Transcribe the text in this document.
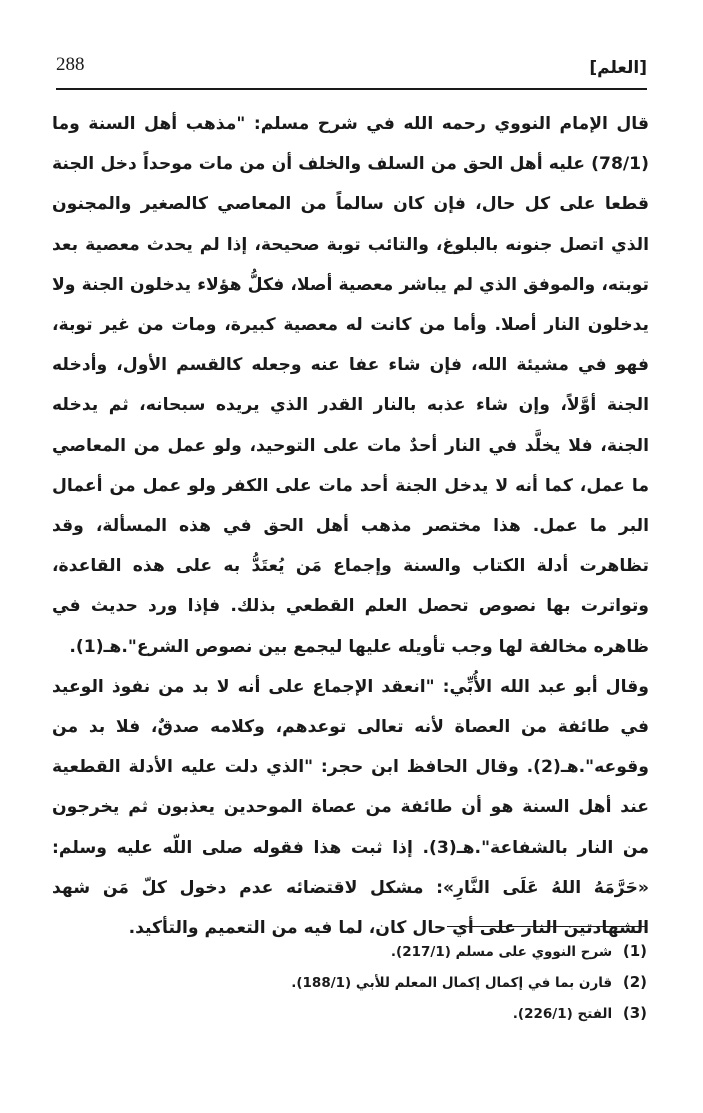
[العلم]
288

قال الإمام النووي رحمه الله في شرح مسلم: "مذهب أهل السنة وما (78/1) عليه أهل الحق من السلف والخلف أن من مات موحداً دخل الجنة قطعا على كل حال، فإن كان سالماً من المعاصي كالصغير والمجنون الذي اتصل جنونه بالبلوغ، والتائب توبة صحيحة، إذا لم يحدث معصية بعد توبته، والموفق الذي لم يباشر معصية أصلا، فكلُّ هؤلاء يدخلون الجنة ولا يدخلون النار أصلا. وأما من كانت له معصية كبيرة، ومات من غير توبة، فهو في مشيئة الله، فإن شاء عفا عنه وجعله كالقسم الأول، وأدخله الجنة أوَّلاً، وإن شاء عذبه بالنار القدر الذي يريده سبحانه، ثم يدخله الجنة، فلا يخلَّد في النار أحدٌ مات على التوحيد، ولو عمل من المعاصي ما عمل، كما أنه لا يدخل الجنة أحد مات على الكفر ولو عمل من أعمال البر ما عمل. هذا مختصر مذهب أهل الحق في هذه المسألة، وقد تظاهرت أدلة الكتاب والسنة وإجماع مَن يُعتَدُّ به على هذه القاعدة، وتواترت بها نصوص تحصل العلم القطعي بذلك. فإذا ورد حديث في ظاهره مخالفة لها وجب تأويله عليها ليجمع بين نصوص الشرع".هـ(1).

وقال أبو عبد الله الأُبِّي: "انعقد الإجماع على أنه لا بد من نفوذ الوعيد في طائفة من العصاة لأنه تعالى توعدهم، وكلامه صدقٌ، فلا بد من وقوعه".هـ(2). وقال الحافظ ابن حجر: "الذي دلت عليه الأدلة القطعية عند أهل السنة هو أن طائفة من عصاة الموحدين يعذبون ثم يخرجون من النار بالشفاعة".هـ(3). إذا ثبت هذا فقوله صلى اللّه عليه وسلم: «حَرَّمَهُ اللهُ عَلَى النَّارِ»: مشكل لاقتضائه عدم دخول كلّ مَن شهد الشهادتين النار على أي حال كان، لما فيه من التعميم والتأكيد.

(1) شرح النووي على مسلم (217/1).
(2) قارن بما في إكمال إكمال المعلم للأبي (188/1).
(3) الفتح (226/1).
